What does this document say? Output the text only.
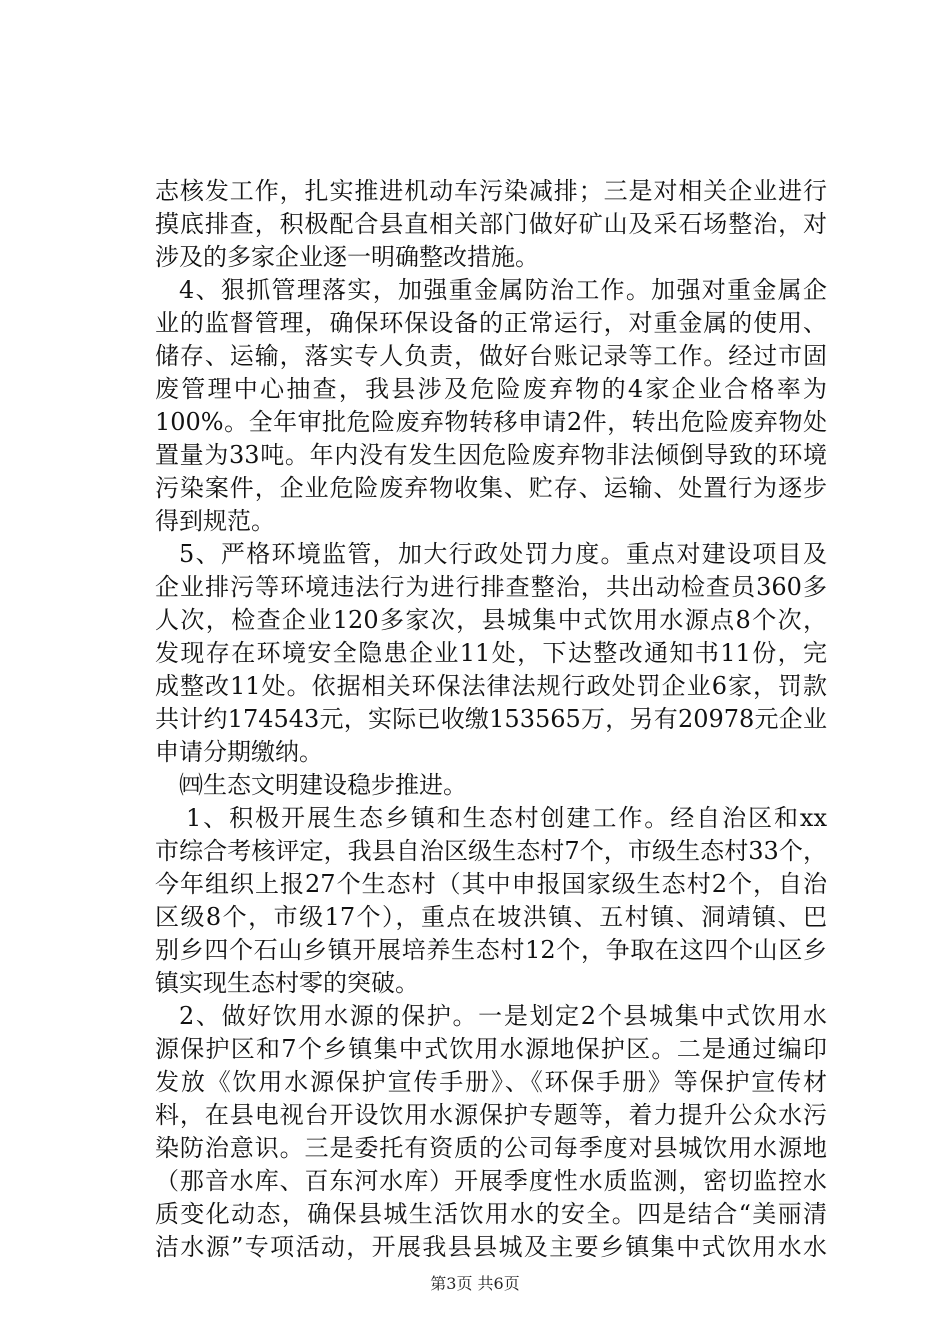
志核发工作，扎实推进机动车污染减排；三是对相关企业进行
摸底排查，积极配合县直相关部门做好矿山及采石场整治，对
涉及的多家企业逐一明确整改措施。
4、狠抓管理落实，加强重金属防治工作。加强对重金属企
业的监督管理，确保环保设备的正常运行，对重金属的使用、
储存、运输，落实专人负责，做好台账记录等工作。经过市固
废管理中心抽查，我县涉及危险废弃物的4家企业合格率为
100%。全年审批危险废弃物转移申请2件，转出危险废弃物处
置量为33吨。年内没有发生因危险废弃物非法倾倒导致的环境
污染案件，企业危险废弃物收集、贮存、运输、处置行为逐步
得到规范。
5、严格环境监管，加大行政处罚力度。重点对建设项目及
企业排污等环境违法行为进行排查整治，共出动检查员360多
人次，检查企业120多家次，县城集中式饮用水源点8个次，
发现存在环境安全隐患企业11处，下达整改通知书11份，完
成整改11处。依据相关环保法律法规行政处罚企业6家，罚款
共计约174543元，实际已收缴153565万，另有20978元企业
申请分期缴纳。
㈣生态文明建设稳步推进。
1、积极开展生态乡镇和生态村创建工作。经自治区和xx
市综合考核评定，我县自治区级生态村7个，市级生态村33个，
今年组织上报27个生态村（其中申报国家级生态村2个，自治
区级8个，市级17个），重点在坡洪镇、五村镇、洞靖镇、巴
别乡四个石山乡镇开展培养生态村12个，争取在这四个山区乡
镇实现生态村零的突破。
2、做好饮用水源的保护。一是划定2个县城集中式饮用水
源保护区和7个乡镇集中式饮用水源地保护区。二是通过编印
发放《饮用水源保护宣传手册》、《环保手册》等保护宣传材
料，在县电视台开设饮用水源保护专题等，着力提升公众水污
染防治意识。三是委托有资质的公司每季度对县城饮用水源地
（那音水库、百东河水库）开展季度性水质监测，密切监控水
质变化动态，确保县城生活饮用水的安全。四是结合“美丽清
洁水源”专项活动，开展我县县城及主要乡镇集中式饮用水水
第3页 共6页
